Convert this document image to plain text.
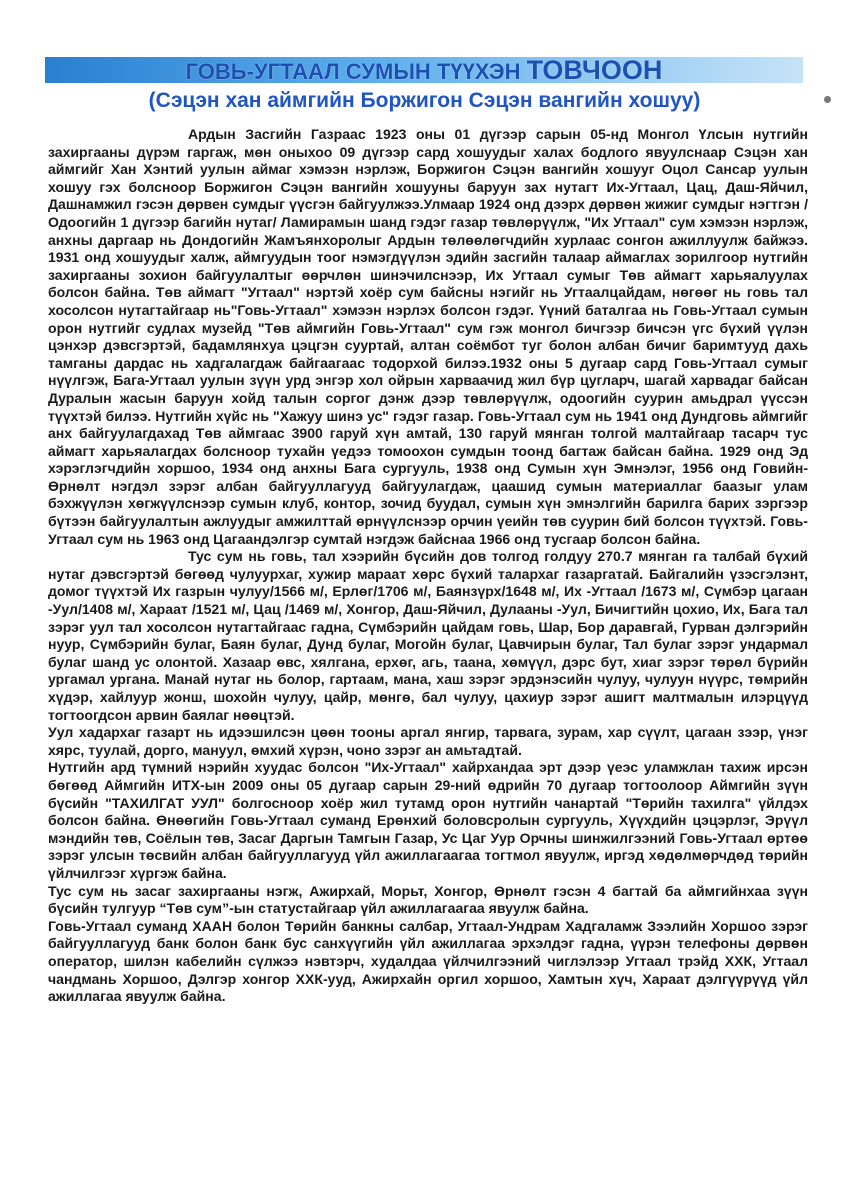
ГОВЬ-УГТААЛ СУМЫН ТҮҮХЭН ТОВЧООН
(Сэцэн хан аймгийн Боржигон Сэцэн вангийн хошуу)

Ардын Засгийн Газраас 1923 оны 01 дүгээр сарын 05-нд Монгол Үлсын нутгийн захиргааны дүрэм гаргаж, мөн оныхоо 09 дүгээр сард хошуудыг халах бодлого явуулснаар Сэцэн хан аймгийг Хан Хэнтий уулын аймаг хэмээн нэрлэж, Боржигон Сэцэн вангийн хошууг Оцол Сансар уулын хошуу гэх болсноор Боржигон Сэцэн вангийн хошууны баруун зах нутагт Их-Угтаал, Цац, Даш-Яйчил, Дашнамжил гэсэн дөрвен сумдыг үүсгэн байгуулжээ.Улмаар 1924 онд дээрх дөрвөн жижиг сумдыг нэгтгэн /Одоогийн 1 дүгээр багийн нутаг/ Ламирамын шанд гэдэг газар төвлөрүүлж, "Их Угтаал" сум хэмээн нэрлэж, анхны даргаар нь Дондогийн Жамъянхоролыг Ардын төлөөлөгчдийн хурлаас сонгон ажиллуулж байжээ. 1931 онд хошуудыг халж, аймгуудын тоог нэмэгдүүлэн эдийн засгийн талаар аймаглах зорилгоор нутгийн захиргааны зохион байгуулалтыг өөрчлөн шинэчилснээр, Их Угтаал сумыг Төв аймагт харьяалуулах болсон байна. Төв аймагт "Угтаал" нэртэй хоёр сум байсны нэгийг нь Угтаалцайдам, нөгөөг нь говь тал хосолсон нутагтайгаар нь"Говь-Угтаал" хэмээн нэрлэх болсон гэдэг. Үүний баталгаа нь Говь-Угтаал сумын орон нутгийг судлах музейд "Төв аймгийн Говь-Угтаал" сум гэж монгол бичгээр бичсэн үгс бүхий үүлэн цэнхэр дэвсгэртэй, бадамлянхуа цэцгэн сууртай, алтан соёмбот туг болон албан бичиг баримтууд дахь тамганы дардас нь хадгалагдаж байгаагаас тодорхой билээ.1932 оны 5 дугаар сард Говь-Угтаал сумыг нүүлгэж, Бага-Угтаал уулын зүүн урд энгэр хол ойрын харваачид жил бүр цугларч, шагай харвадаг байсан Дуралын жасын баруун хойд талын соргог дэнж дээр төвлөрүүлж, одоогийн суурин амьдрал үүссэн түүхтэй билээ. Нутгийн хүйс нь "Хажуу шинэ ус" гэдэг газар. Говь-Угтаал сум нь 1941 онд Дундговь аймгийг анх байгуулагдахад Төв аймгаас 3900 гаруй хүн амтай, 130 гаруй мянган толгой малтайгаар тасарч тус аймагт харьяалагдах болсноор тухайн үедээ томоохон сумдын тоонд багтаж байсан байна. 1929 онд Эд хэрэглэгчдийн хоршоо, 1934 онд анхны Бага сургууль, 1938 онд Сумын хүн Эмнэлэг, 1956 онд Говийн-Өрнөлт нэгдэл зэрэг албан байгууллагууд байгуулагдаж, цаашид сумын материаллаг баазыг улам бэхжүүлэн хөгжүүлснээр сумын клуб, контор, зочид буудал, сумын хүн эмнэлгийн барилга барих зэргээр бүтээн байгуулалтын ажлуудыг амжилттай өрнүүлснээр орчин үеийн төв суурин бий болсон түүхтэй. Говь-Угтаал сум нь 1963 онд Цагаандэлгэр сумтай нэгдэж байснаа 1966 онд тусгаар болсон байна.

Тус сум нь говь, тал хээрийн бүсийн дов толгод голдуу 270.7 мянган га талбай бүхий нутаг дэвсгэртэй бөгөөд чулуурхаг, хужир мараат хөрс бүхий талархаг газаргатай. Байгалийн үзэсгэлэнт, домог түүхтэй Их газрын чулуу/1566 м/, Ерлөг/1706 м/, Баянзүрх/1648 м/, Их -Угтаал /1673 м/, Сүмбэр цагаан -Уул/1408 м/, Хараат /1521 м/, Цац /1469 м/, Хонгор, Даш-Яйчил, Дулааны -Уул, Бичигтийн цохио, Их, Бага тал зэрэг уул тал хосолсон нутагтайгаас гадна, Сүмбэрийн цайдам говь, Шар, Бор даравгай, Гурван дэлгэрийн нуур, Сүмбэрийн булаг, Баян булаг, Дунд булаг, Могойн булаг, Цавчирын булаг, Тал булаг зэрэг ундармал булаг шанд ус олонтой. Хазаар өвс, хялгана, ерхөг, агь, таана, хөмүүл, дэрс бут, хиаг зэрэг төрөл бүрийн ургамал ургана. Манай нутаг нь болор, гартаам, мана, хаш зэрэг эрдэнэсийн чулуу, чулуун нүүрс, төмрийн хүдэр, хайлуур жонш, шохойн чулуу, цайр, мөнгө, бал чулуу, цахиур зэрэг ашигт малтмалын илэрцүүд тогтоогдсон арвин баялаг нөөцтэй.

Уул хадархаг газарт нь идээшилсэн цөөн тооны аргал янгир, тарвага, зурам, хар сүүлт, цагаан зээр, үнэг хярс, туулай, дорго, мануул, өмхий хүрэн, чоно зэрэг ан амьтадтай.

Нутгийн ард түмний нэрийн хуудас болсон "Их-Угтаал" хайрхандаа эрт дээр үеэс уламжлан тахиж ирсэн бөгөөд Аймгийн ИТХ-ын 2009 оны 05 дугаар сарын 29-ний өдрийн 70 дугаар тогтоолоор Аймгийн зүүн бүсийн "ТАХИЛГАТ УУЛ" болгосноор хоёр жил тутамд орон нутгийн чанартай "Төрийн тахилга" үйлдэх болсон байна. Өнөөгийн Говь-Угтаал суманд Ерөнхий боловсролын сургууль, Хүүхдийн цэцэрлэг, Эрүүл мэндийн төв, Соёлын төв, Засаг Даргын Тамгын Газар, Ус Цаг Уур Орчны шинжилгээний Говь-Угтаал өртөө зэрэг улсын төсвийн албан байгууллагууд үйл ажиллагаагаа тогтмол явуулж, иргэд хөдөлмөрчдөд төрийн үйлчилгээг хүргэж байна.

Тус сум нь засаг захиргааны нэгж, Ажирхай, Морьт, Хонгор, Өрнөлт гэсэн 4 багтай ба аймгийнхаа зүүн бүсийн тулгуур “Төв сум”-ын статустайгаар үйл ажиллагаагаа явуулж байна.

Говь-Угтаал суманд ХААН болон Төрийн банкны салбар, Угтаал-Ундрам Хадгаламж Зээлийн Хоршоо зэрэг байгууллагууд банк болон банк бус санхүүгийн үйл ажиллагаа эрхэлдэг гадна, үүрэн телефоны дөрвөн оператор, шилэн кабелийн сүлжээ нэвтэрч, худалдаа үйлчилгээний чиглэлээр Угтаал трэйд ХХК, Угтаал чандмань Хоршоо, Дэлгэр хонгор ХХК-ууд, Ажирхайн оргил хоршоо, Хамтын хүч, Хараат дэлгүүрүүд үйл ажиллагаа явуулж байна.
